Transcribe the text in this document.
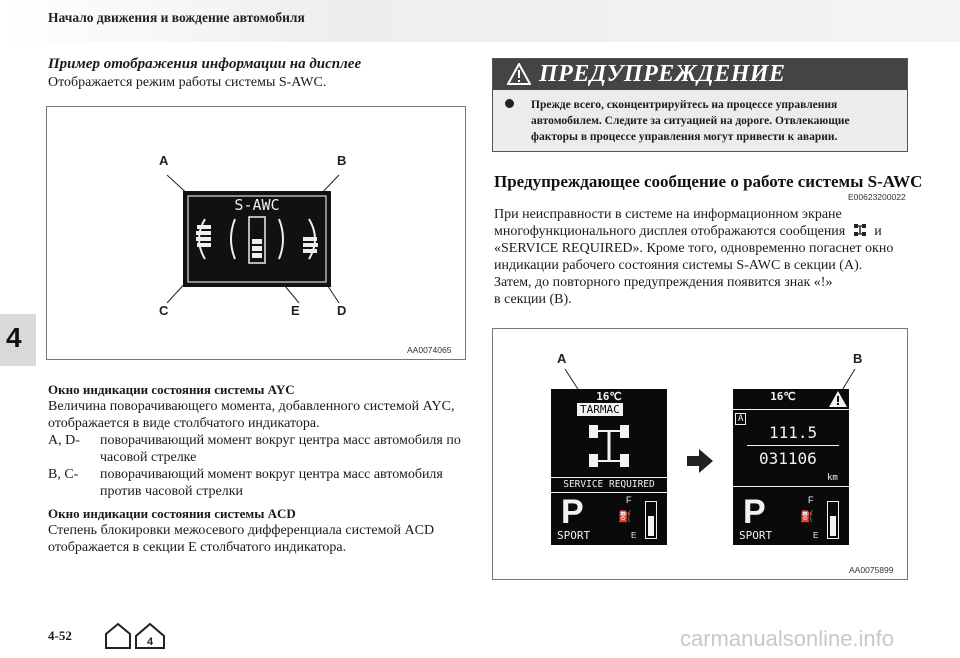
Начало движения и вождение автомобиля
4
Пример отображения информации на дисплее
Отображается режим работы системы S-AWC.
S-AWC
A	B
C	E	D
AA0074065
Окно индикации состояния системы AYC
Величина поворачивающего момента, добавленного системой AYC,
отображается в виде столбчатого индикатора.
A, D- поворачивающий момент вокруг центра масс автомобиля по
часовой стрелке
B, C- поворачивающий момент вокруг центра масс автомобиля
против часовой стрелки
Окно индикации состояния системы ACD
Степень блокировки межосевого дифференциала системой ACD
отображается в секции E столбчатого индикатора.
ПРЕДУПРЕЖДЕНИЕ
Прежде всего, сконцентрируйтесь на процессе управления
автомобилем. Следите за ситуацией на дороге. Отвлекающие
факторы в процессе управления могут привести к аварии.
Предупреждающее сообщение о работе системы S-AWC
E00623200022
При неисправности в системе на информационном экране
многофункционального дисплея отображаются сообщения и
«SERVICE REQUIRED». Кроме того, одновременно погаснет окно
индикации рабочего состояния системы S-AWC в секции (A).
Затем, до повторного предупреждения появится знак «!»
в секции (B).
A	B
16℃
TARMAC
SERVICE REQUIRED
P	F
⛽
SPORT	E
16℃
A
111.5
031106
km
P	F
⛽
SPORT	E
AA0075899
4-52	4	carmanualsonline.info
